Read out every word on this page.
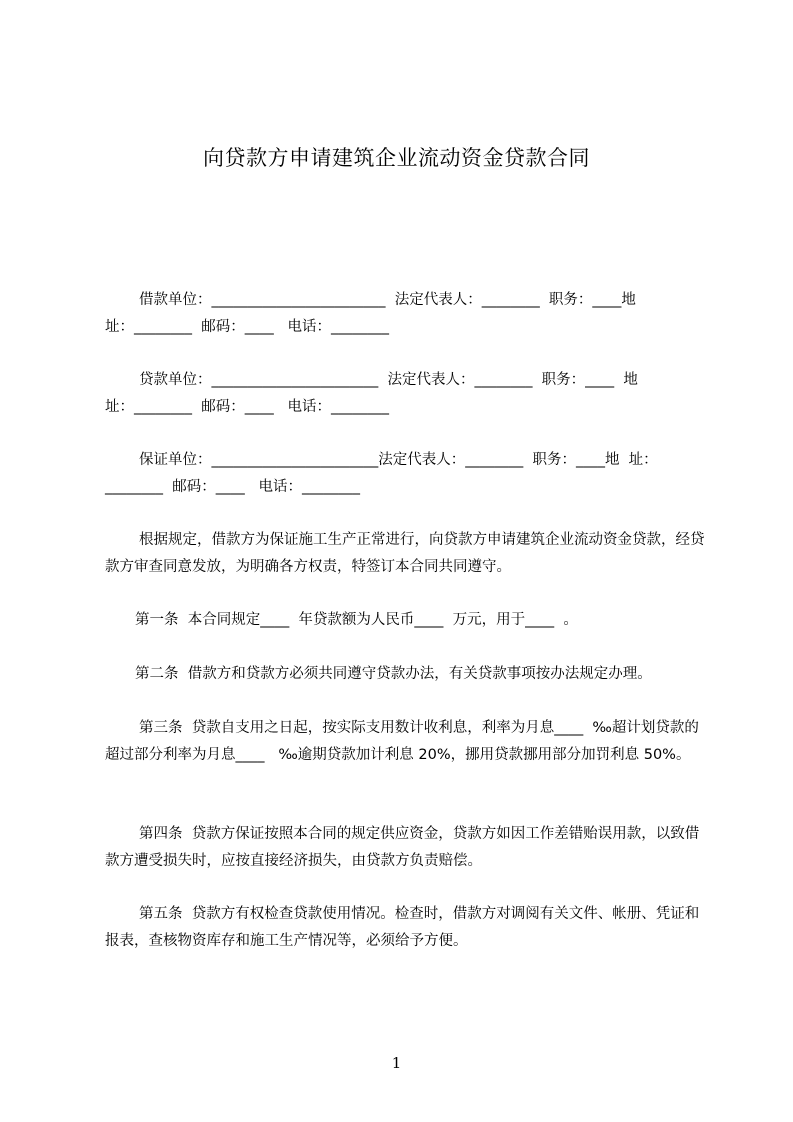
向贷款方申请建筑企业流动资金贷款合同
借款单位：________________________  法定代表人：________  职务：____地
址：________  邮码：____   电话：________
贷款单位：_______________________  法定代表人：________  职务：____  地
址：________  邮码：____   电话：________
保证单位：_______________________法定代表人：________  职务：____地  址：
________  邮码：____   电话：________
根据规定，借款方为保证施工生产正常进行，向贷款方申请建筑企业流动资金贷款，经贷款方审查同意发放，为明确各方权责，特签订本合同共同遵守。
第一条  本合同规定____  年贷款额为人民币____  万元，用于____  。
第二条  借款方和贷款方必须共同遵守贷款办法，有关贷款事项按办法规定办理。
第三条  贷款自支用之日起，按实际支用数计收利息，利率为月息____  ‰超计划贷款的超过部分利率为月息____   ‰逾期贷款加计利息 20%，挪用贷款挪用部分加罚利息 50%。
第四条  贷款方保证按照本合同的规定供应资金，贷款方如因工作差错贻误用款，以致借款方遭受损失时，应按直接经济损失，由贷款方负责赔偿。
第五条  贷款方有权检查贷款使用情况。检查时，借款方对调阅有关文件、帐册、凭证和报表，查核物资库存和施工生产情况等，必须给予方便。
1
